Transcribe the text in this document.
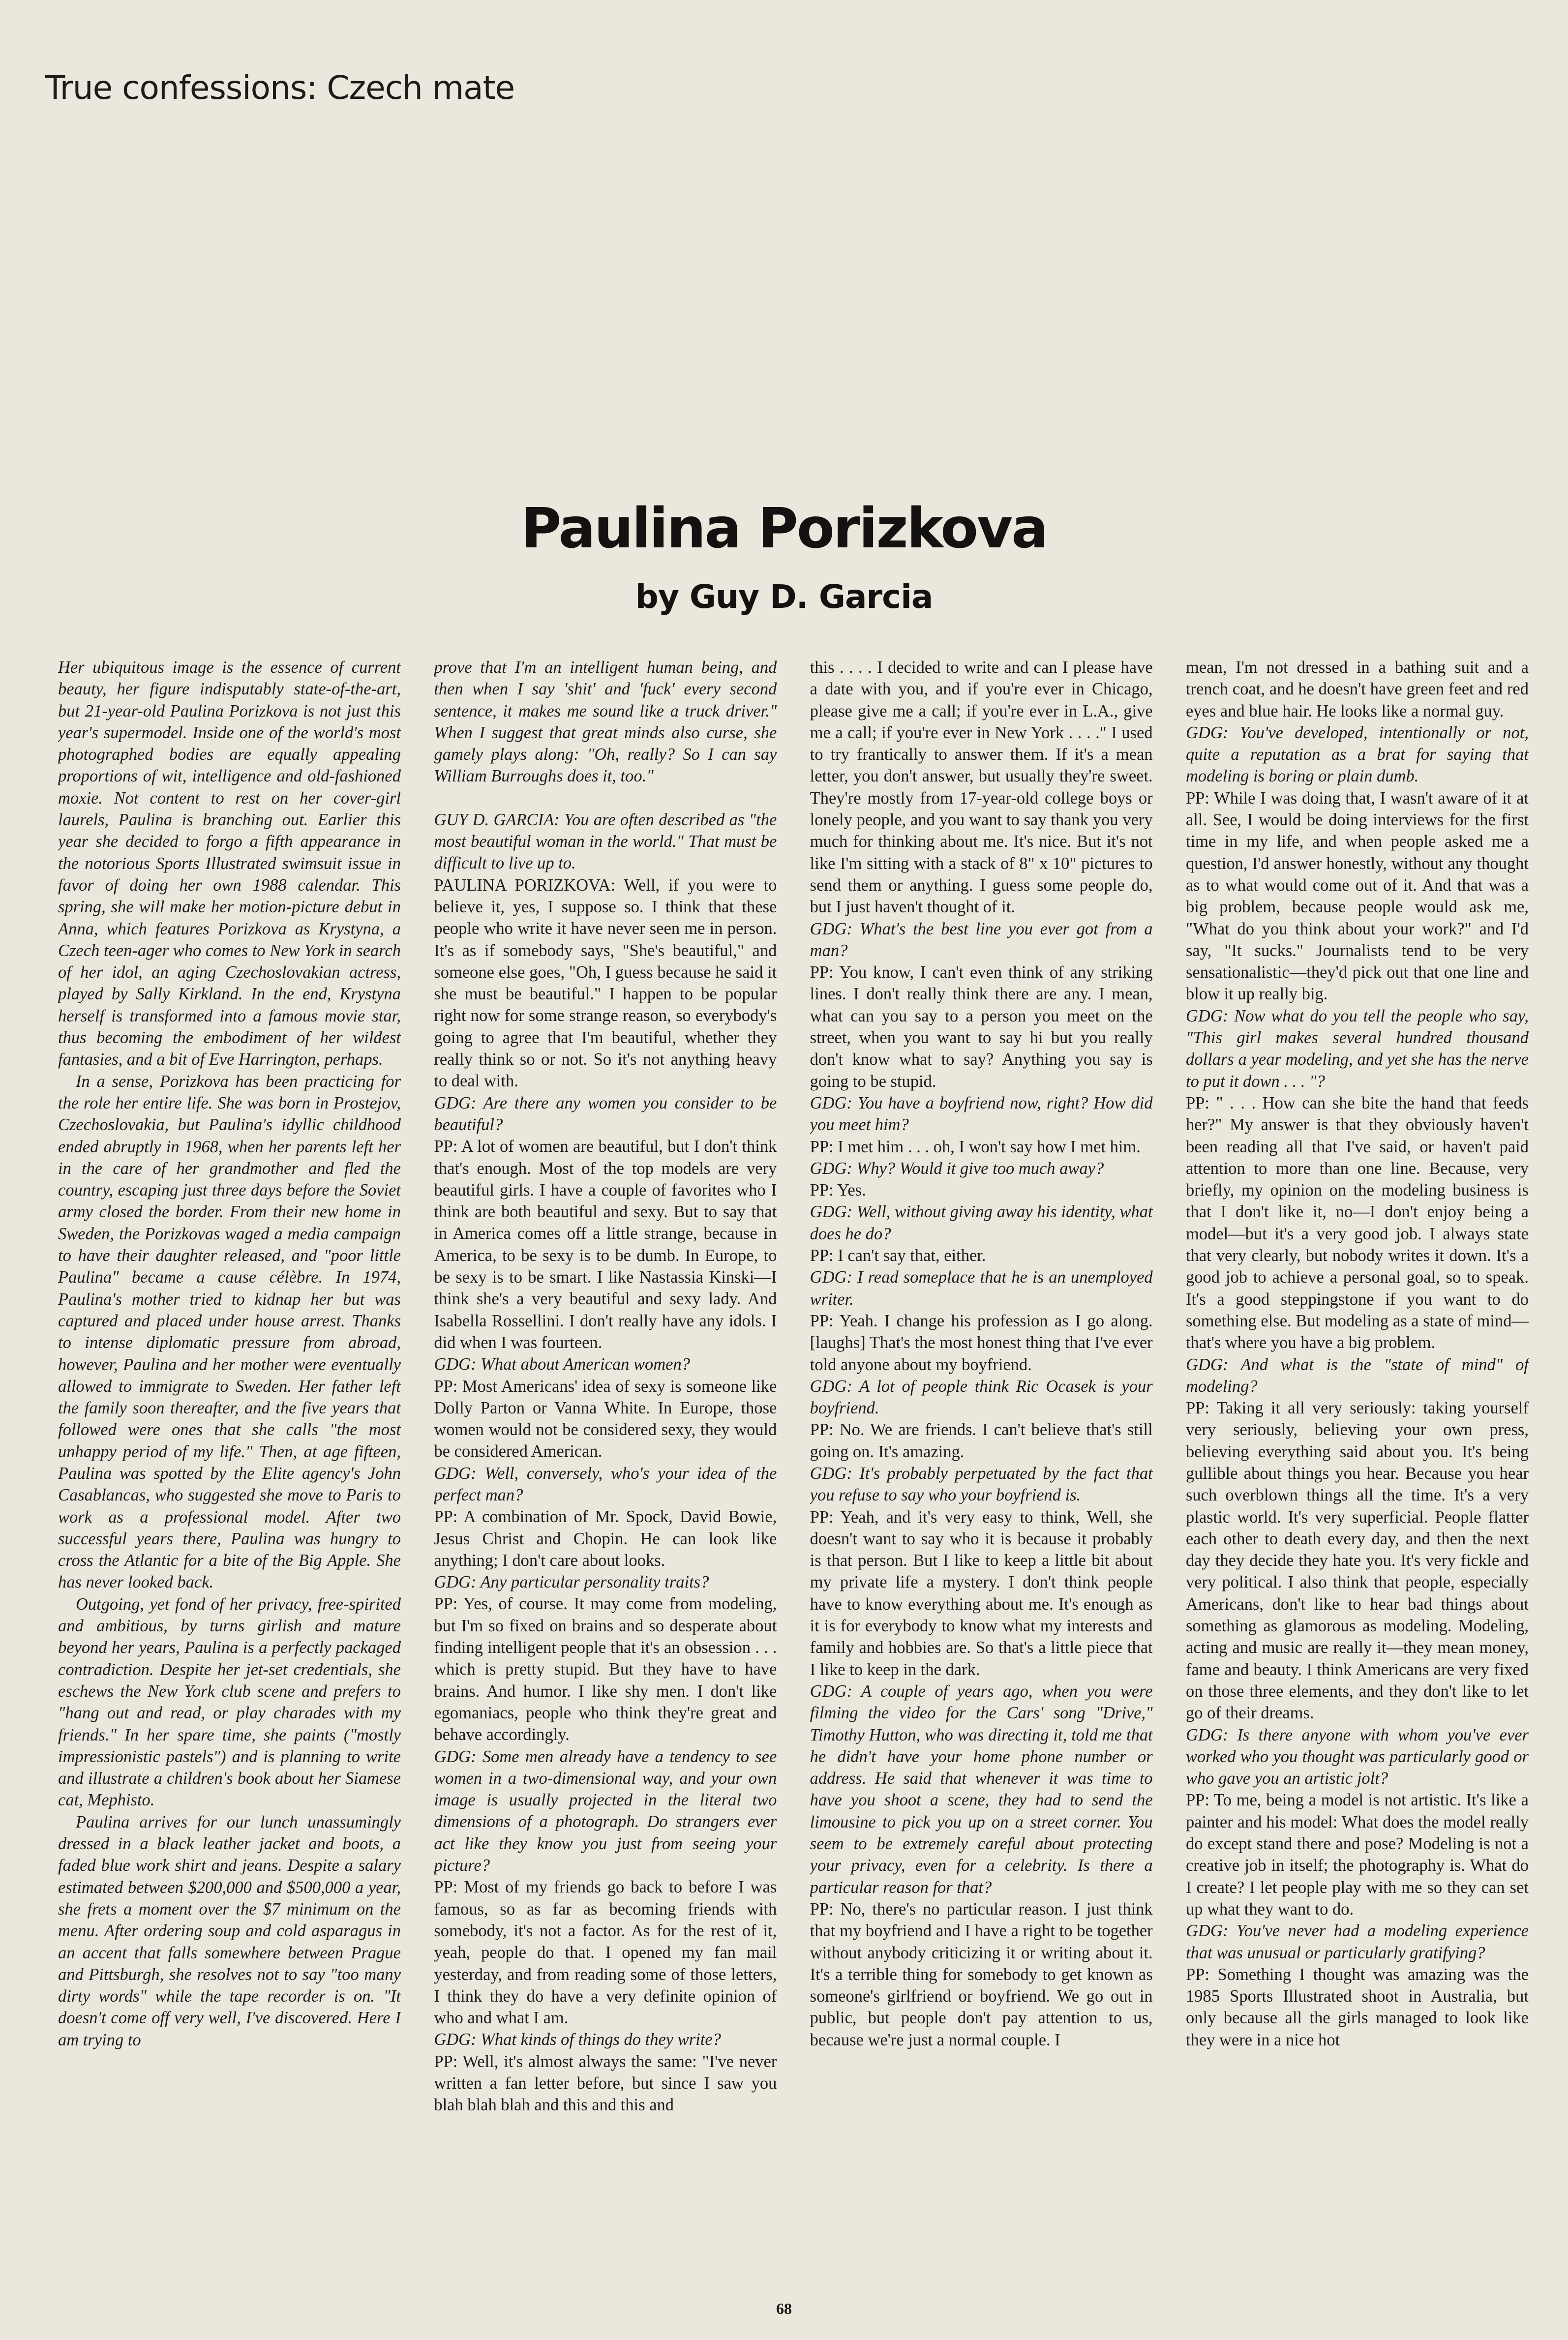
True confessions: Czech mate
Paulina Porizkova
by Guy D. Garcia

Her ubiquitous image is the essence of current beauty, her figure indisputably state-of-the-art, but 21-year-old Paulina Porizkova is not just this year's supermodel. Inside one of the world's most photographed bodies are equally appealing proportions of wit, intelligence and old-fashioned moxie. Not content to rest on her cover-girl laurels, Paulina is branching out. Earlier this year she decided to forgo a fifth appearance in the notorious Sports Illustrated swimsuit issue in favor of doing her own 1988 calendar. This spring, she will make her motion-picture debut in Anna, which features Porizkova as Krystyna, a Czech teen-ager who comes to New York in search of her idol, an aging Czechoslovakian actress, played by Sally Kirkland. In the end, Krystyna herself is transformed into a famous movie star, thus becoming the embodiment of her wildest fantasies, and a bit of Eve Harrington, perhaps.

In a sense, Porizkova has been practicing for the role her entire life. She was born in Prostejov, Czechoslovakia, but Paulina's idyllic childhood ended abruptly in 1968, when her parents left her in the care of her grandmother and fled the country, escaping just three days before the Soviet army closed the border. From their new home in Sweden, the Porizkovas waged a media campaign to have their daughter released, and "poor little Paulina" became a cause célèbre. In 1974, Paulina's mother tried to kidnap her but was captured and placed under house arrest. Thanks to intense diplomatic pressure from abroad, however, Paulina and her mother were eventually allowed to immigrate to Sweden. Her father left the family soon thereafter, and the five years that followed were ones that she calls "the most unhappy period of my life." Then, at age fifteen, Paulina was spotted by the Elite agency's John Casablancas, who suggested she move to Paris to work as a professional model. After two successful years there, Paulina was hungry to cross the Atlantic for a bite of the Big Apple. She has never looked back.

Outgoing, yet fond of her privacy, free-spirited and ambitious, by turns girlish and mature beyond her years, Paulina is a perfectly packaged contradiction. Despite her jet-set credentials, she eschews the New York club scene and prefers to "hang out and read, or play charades with my friends." In her spare time, she paints ("mostly impressionistic pastels") and is planning to write and illustrate a children's book about her Siamese cat, Mephisto.

Paulina arrives for our lunch unassumingly dressed in a black leather jacket and boots, a faded blue work shirt and jeans. Despite a salary estimated between $200,000 and $500,000 a year, she frets a moment over the $7 minimum on the menu. After ordering soup and cold asparagus in an accent that falls somewhere between Prague and Pittsburgh, she resolves not to say "too many dirty words" while the tape recorder is on. "It doesn't come off very well, I've discovered. Here I am trying to

prove that I'm an intelligent human being, and then when I say 'shit' and 'fuck' every second sentence, it makes me sound like a truck driver." When I suggest that great minds also curse, she gamely plays along: "Oh, really? So I can say William Burroughs does it, too."

GUY D. GARCIA: You are often described as "the most beautiful woman in the world." That must be difficult to live up to.

PAULINA PORIZKOVA: Well, if you were to believe it, yes, I suppose so. I think that these people who write it have never seen me in person. It's as if somebody says, "She's beautiful," and someone else goes, "Oh, I guess because he said it she must be beautiful." I happen to be popular right now for some strange reason, so everybody's going to agree that I'm beautiful, whether they really think so or not. So it's not anything heavy to deal with.

GDG: Are there any women you consider to be beautiful?

PP: A lot of women are beautiful, but I don't think that's enough. Most of the top models are very beautiful girls. I have a couple of favorites who I think are both beautiful and sexy. But to say that in America comes off a little strange, because in America, to be sexy is to be dumb. In Europe, to be sexy is to be smart. I like Nastassia Kinski—I think she's a very beautiful and sexy lady. And Isabella Rossellini. I don't really have any idols. I did when I was fourteen.

GDG: What about American women?

PP: Most Americans' idea of sexy is someone like Dolly Parton or Vanna White. In Europe, those women would not be considered sexy, they would be considered American.

GDG: Well, conversely, who's your idea of the perfect man?

PP: A combination of Mr. Spock, David Bowie, Jesus Christ and Chopin. He can look like anything; I don't care about looks.

GDG: Any particular personality traits?

PP: Yes, of course. It may come from modeling, but I'm so fixed on brains and so desperate about finding intelligent people that it's an obsession . . . which is pretty stupid. But they have to have brains. And humor. I like shy men. I don't like egomaniacs, people who think they're great and behave accordingly.

GDG: Some men already have a tendency to see women in a two-dimensional way, and your own image is usually projected in the literal two dimensions of a photograph. Do strangers ever act like they know you just from seeing your picture?

PP: Most of my friends go back to before I was famous, so as far as becoming friends with somebody, it's not a factor. As for the rest of it, yeah, people do that. I opened my fan mail yesterday, and from reading some of those letters, I think they do have a very definite opinion of who and what I am.

GDG: What kinds of things do they write?

PP: Well, it's almost always the same: "I've never written a fan letter before, but since I saw you blah blah blah and this and this and

this . . . . I decided to write and can I please have a date with you, and if you're ever in Chicago, please give me a call; if you're ever in L.A., give me a call; if you're ever in New York . . . ." I used to try frantically to answer them. If it's a mean letter, you don't answer, but usually they're sweet. They're mostly from 17-year-old college boys or lonely people, and you want to say thank you very much for thinking about me. It's nice. But it's not like I'm sitting with a stack of 8" x 10" pictures to send them or anything. I guess some people do, but I just haven't thought of it.

GDG: What's the best line you ever got from a man?

PP: You know, I can't even think of any striking lines. I don't really think there are any. I mean, what can you say to a person you meet on the street, when you want to say hi but you really don't know what to say? Anything you say is going to be stupid.

GDG: You have a boyfriend now, right? How did you meet him?

PP: I met him . . . oh, I won't say how I met him.

GDG: Why? Would it give too much away?

PP: Yes.

GDG: Well, without giving away his identity, what does he do?

PP: I can't say that, either.

GDG: I read someplace that he is an unemployed writer.

PP: Yeah. I change his profession as I go along. [laughs] That's the most honest thing that I've ever told anyone about my boyfriend.

GDG: A lot of people think Ric Ocasek is your boyfriend.

PP: No. We are friends. I can't believe that's still going on. It's amazing.

GDG: It's probably perpetuated by the fact that you refuse to say who your boyfriend is.

PP: Yeah, and it's very easy to think, Well, she doesn't want to say who it is because it probably is that person. But I like to keep a little bit about my private life a mystery. I don't think people have to know everything about me. It's enough as it is for everybody to know what my interests and family and hobbies are. So that's a little piece that I like to keep in the dark.

GDG: A couple of years ago, when you were filming the video for the Cars' song "Drive," Timothy Hutton, who was directing it, told me that he didn't have your home phone number or address. He said that whenever it was time to have you shoot a scene, they had to send the limousine to pick you up on a street corner. You seem to be extremely careful about protecting your privacy, even for a celebrity. Is there a particular reason for that?

PP: No, there's no particular reason. I just think that my boyfriend and I have a right to be together without anybody criticizing it or writing about it. It's a terrible thing for somebody to get known as someone's girlfriend or boyfriend. We go out in public, but people don't pay attention to us, because we're just a normal couple. I

mean, I'm not dressed in a bathing suit and a trench coat, and he doesn't have green feet and red eyes and blue hair. He looks like a normal guy.

GDG: You've developed, intentionally or not, quite a reputation as a brat for saying that modeling is boring or plain dumb.

PP: While I was doing that, I wasn't aware of it at all. See, I would be doing interviews for the first time in my life, and when people asked me a question, I'd answer honestly, without any thought as to what would come out of it. And that was a big problem, because people would ask me, "What do you think about your work?" and I'd say, "It sucks." Journalists tend to be very sensationalistic—they'd pick out that one line and blow it up really big.

GDG: Now what do you tell the people who say, "This girl makes several hundred thousand dollars a year modeling, and yet she has the nerve to put it down . . . "?

PP: " . . . How can she bite the hand that feeds her?" My answer is that they obviously haven't been reading all that I've said, or haven't paid attention to more than one line. Because, very briefly, my opinion on the modeling business is that I don't like it, no—I don't enjoy being a model—but it's a very good job. I always state that very clearly, but nobody writes it down. It's a good job to achieve a personal goal, so to speak. It's a good steppingstone if you want to do something else. But modeling as a state of mind—that's where you have a big problem.

GDG: And what is the "state of mind" of modeling?

PP: Taking it all very seriously: taking yourself very seriously, believing your own press, believing everything said about you. It's being gullible about things you hear. Because you hear such overblown things all the time. It's a very plastic world. It's very superficial. People flatter each other to death every day, and then the next day they decide they hate you. It's very fickle and very political. I also think that people, especially Americans, don't like to hear bad things about something as glamorous as modeling. Modeling, acting and music are really it—they mean money, fame and beauty. I think Americans are very fixed on those three elements, and they don't like to let go of their dreams.

GDG: Is there anyone with whom you've ever worked who you thought was particularly good or who gave you an artistic jolt?

PP: To me, being a model is not artistic. It's like a painter and his model: What does the model really do except stand there and pose? Modeling is not a creative job in itself; the photography is. What do I create? I let people play with me so they can set up what they want to do.

GDG: You've never had a modeling experience that was unusual or particularly gratifying?

PP: Something I thought was amazing was the 1985 Sports Illustrated shoot in Australia, but only because all the girls managed to look like they were in a nice hot

68
